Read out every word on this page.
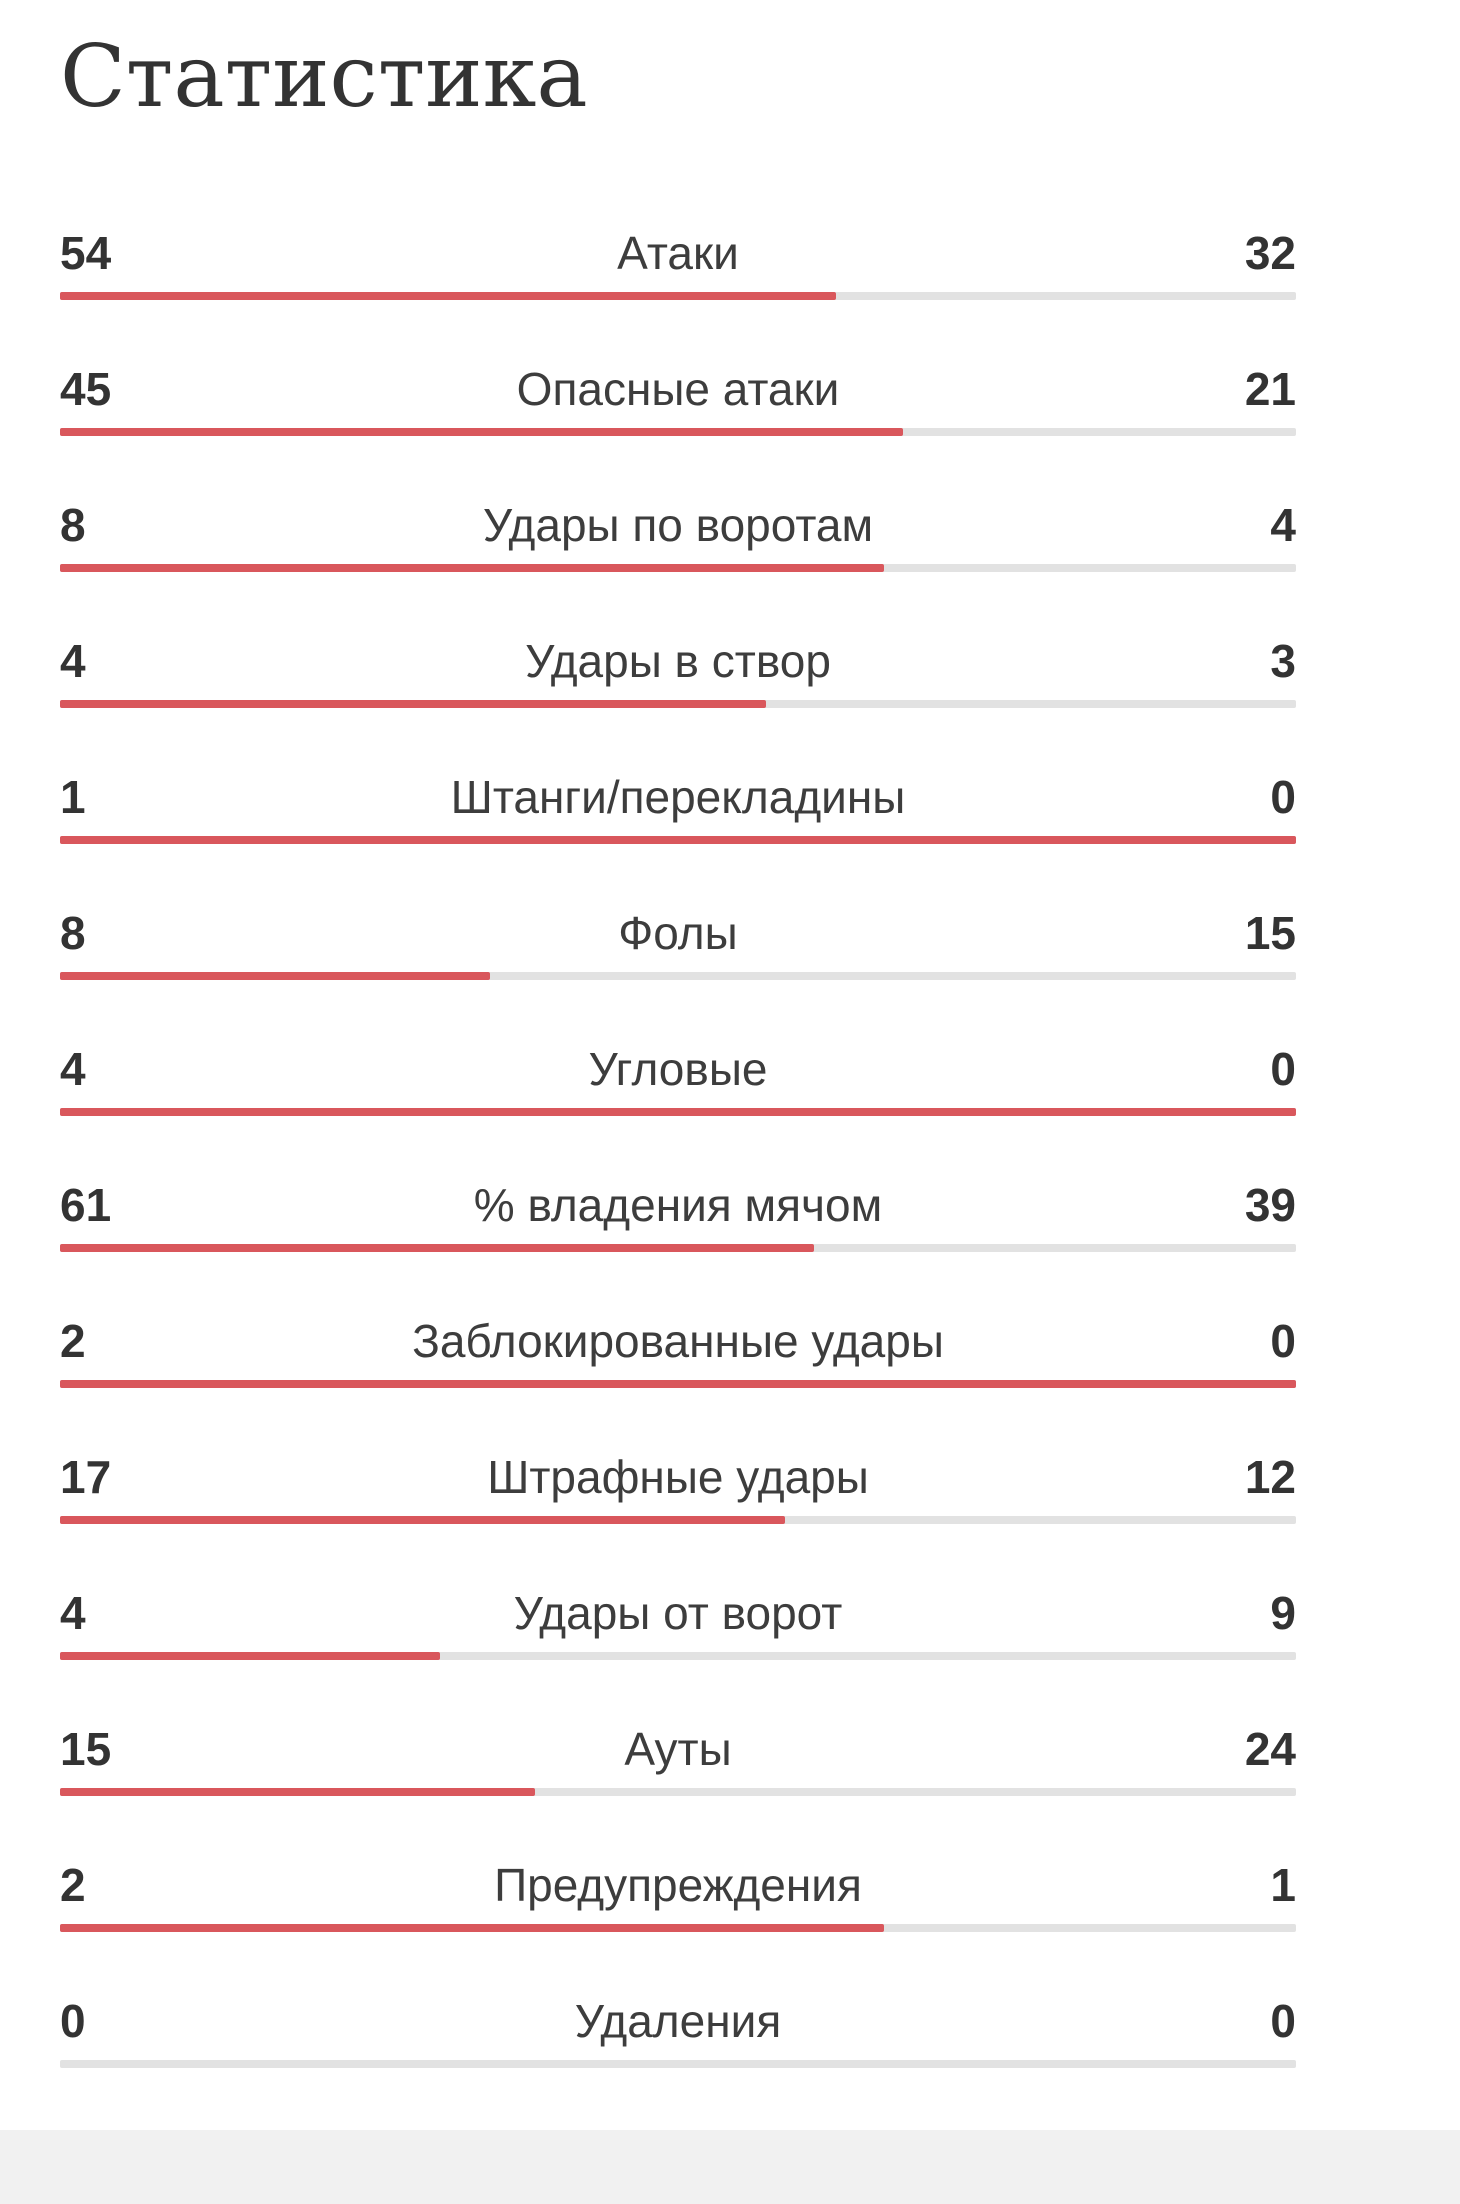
Статистика
54	Атаки	32
45	Опасные атаки	21
8	Удары по воротам	4
4	Удары в створ	3
1	Штанги/перекладины	0
8	Фолы	15
4	Угловые	0
61	% владения мячом	39
2	Заблокированные удары	0
17	Штрафные удары	12
4	Удары от ворот	9
15	Ауты	24
2	Предупреждения	1
0	Удаления	0
